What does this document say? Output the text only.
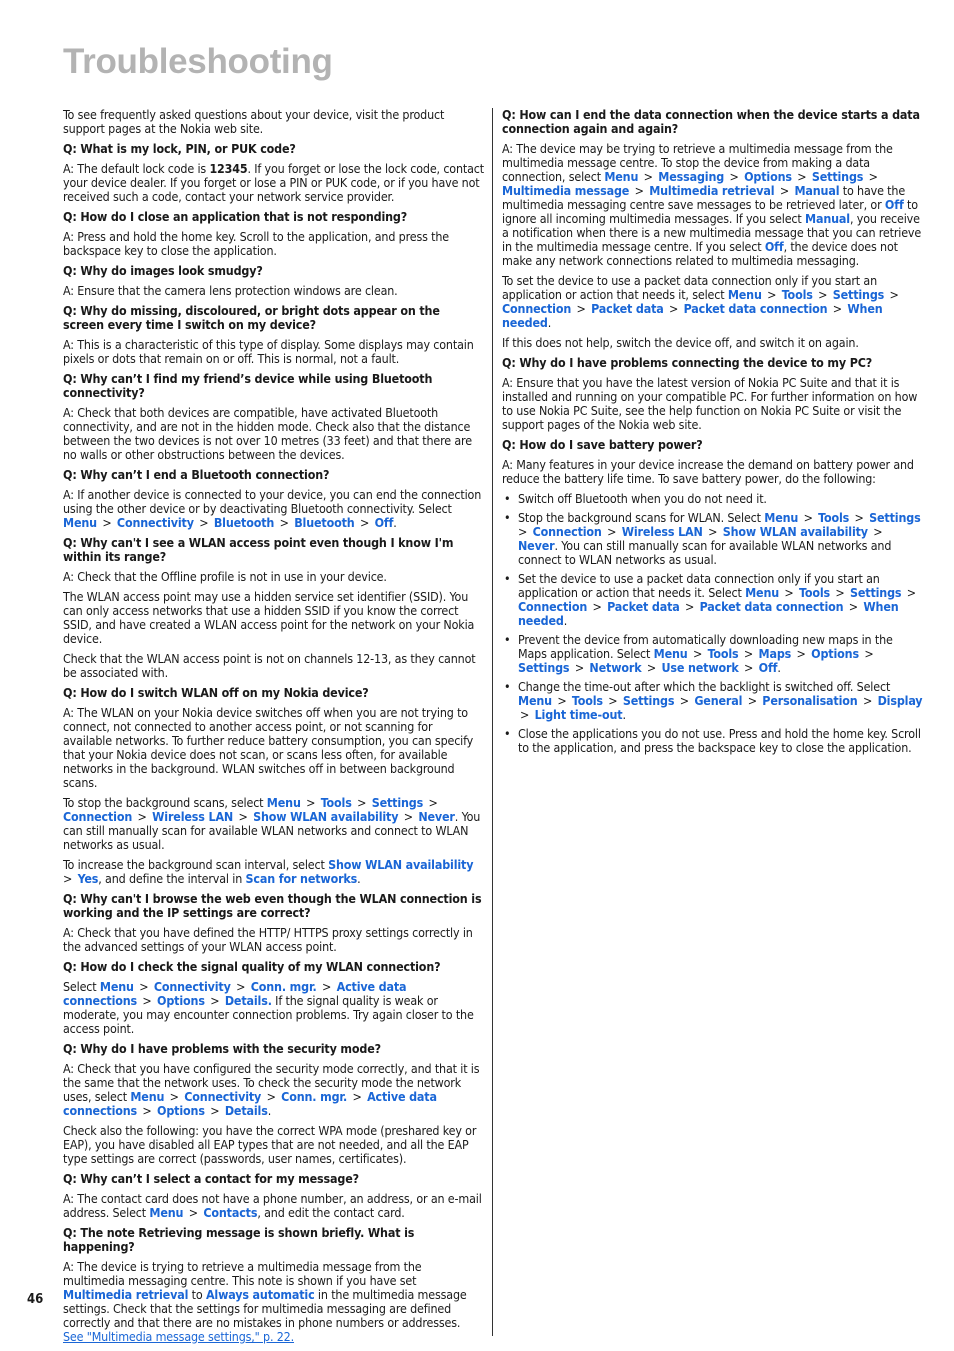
Troubleshooting

To see frequently asked questions about your device, visit the product support pages at the Nokia web site.

Q: What is my lock, PIN, or PUK code?

A: The default lock code is 12345. If you forget or lose the lock code, contact your device dealer. If you forget or lose a PIN or PUK code, or if you have not received such a code, contact your network service provider.

Q: How do I close an application that is not responding?

A: Press and hold the home key. Scroll to the application, and press the backspace key to close the application.

Q: Why do images look smudgy?

A: Ensure that the camera lens protection windows are clean.

Q: Why do missing, discoloured, or bright dots appear on the screen every time I switch on my device?

A: This is a characteristic of this type of display. Some displays may contain pixels or dots that remain on or off. This is normal, not a fault.

Q: Why can’t I find my friend’s device while using Bluetooth connectivity?

A: Check that both devices are compatible, have activated Bluetooth connectivity, and are not in the hidden mode. Check also that the distance between the two devices is not over 10 metres (33 feet) and that there are no walls or other obstructions between the devices.

Q: Why can’t I end a Bluetooth connection?

A: If another device is connected to your device, you can end the connection using the other device or by deactivating Bluetooth connectivity. Select Menu > Connectivity > Bluetooth > Bluetooth > Off.

Q: Why can't I see a WLAN access point even though I know I'm within its range?

A: Check that the Offline profile is not in use in your device.

The WLAN access point may use a hidden service set identifier (SSID). You can only access networks that use a hidden SSID if you know the correct SSID, and have created a WLAN access point for the network on your Nokia device.

Check that the WLAN access point is not on channels 12-13, as they cannot be associated with.

Q: How do I switch WLAN off on my Nokia device?

A: The WLAN on your Nokia device switches off when you are not trying to connect, not connected to another access point, or not scanning for available networks. To further reduce battery consumption, you can specify that your Nokia device does not scan, or scans less often, for available networks in the background. WLAN switches off in between background scans.

To stop the background scans, select Menu > Tools > Settings > Connection > Wireless LAN > Show WLAN availability > Never. You can still manually scan for available WLAN networks and connect to WLAN networks as usual.

To increase the background scan interval, select Show WLAN availability > Yes, and define the interval in Scan for networks.

Q: Why can't I browse the web even though the WLAN connection is working and the IP settings are correct?

A: Check that you have defined the HTTP/ HTTPS proxy settings correctly in the advanced settings of your WLAN access point.

Q: How do I check the signal quality of my WLAN connection?

Select Menu > Connectivity > Conn. mgr. > Active data connections > Options > Details. If the signal quality is weak or moderate, you may encounter connection problems. Try again closer to the access point.

Q: Why do I have problems with the security mode?

A: Check that you have configured the security mode correctly, and that it is the same that the network uses. To check the security mode the network uses, select Menu > Connectivity > Conn. mgr. > Active data connections > Options > Details.

Check also the following: you have the correct WPA mode (preshared key or EAP), you have disabled all EAP types that are not needed, and all the EAP type settings are correct (passwords, user names, certificates).

Q: Why can’t I select a contact for my message?

A: The contact card does not have a phone number, an address, or an e-mail address. Select Menu > Contacts, and edit the contact card.

Q: The note Retrieving message is shown briefly. What is happening?

A: The device is trying to retrieve a multimedia message from the multimedia messaging centre. This note is shown if you have set Multimedia retrieval to Always automatic in the multimedia message settings. Check that the settings for multimedia messaging are defined correctly and that there are no mistakes in phone numbers or addresses. See "Multimedia message settings," p. 22.

Q: How can I end the data connection when the device starts a data connection again and again?

A: The device may be trying to retrieve a multimedia message from the multimedia message centre. To stop the device from making a data connection, select Menu > Messaging > Options > Settings > Multimedia message > Multimedia retrieval > Manual to have the multimedia messaging centre save messages to be retrieved later, or Off to ignore all incoming multimedia messages. If you select Manual, you receive a notification when there is a new multimedia message that you can retrieve in the multimedia message centre. If you select Off, the device does not make any network connections related to multimedia messaging.

To set the device to use a packet data connection only if you start an application or action that needs it, select Menu > Tools > Settings > Connection > Packet data > Packet data connection > When needed.

If this does not help, switch the device off, and switch it on again.

Q: Why do I have problems connecting the device to my PC?

A: Ensure that you have the latest version of Nokia PC Suite and that it is installed and running on your compatible PC. For further information on how to use Nokia PC Suite, see the help function on Nokia PC Suite or visit the support pages of the Nokia web site.

Q: How do I save battery power?

A: Many features in your device increase the demand on battery power and reduce the battery life time. To save battery power, do the following:

• Switch off Bluetooth when you do not need it.
• Stop the background scans for WLAN. Select Menu > Tools > Settings > Connection > Wireless LAN > Show WLAN availability > Never. You can still manually scan for available WLAN networks and connect to WLAN networks as usual.
• Set the device to use a packet data connection only if you start an application or action that needs it. Select Menu > Tools > Settings > Connection > Packet data > Packet data connection > When needed.
• Prevent the device from automatically downloading new maps in the Maps application. Select Menu > Tools > Maps > Options > Settings > Network > Use network > Off.
• Change the time-out after which the backlight is switched off. Select Menu > Tools > Settings > General > Personalisation > Display > Light time-out.
• Close the applications you do not use. Press and hold the home key. Scroll to the application, and press the backspace key to close the application.
46
